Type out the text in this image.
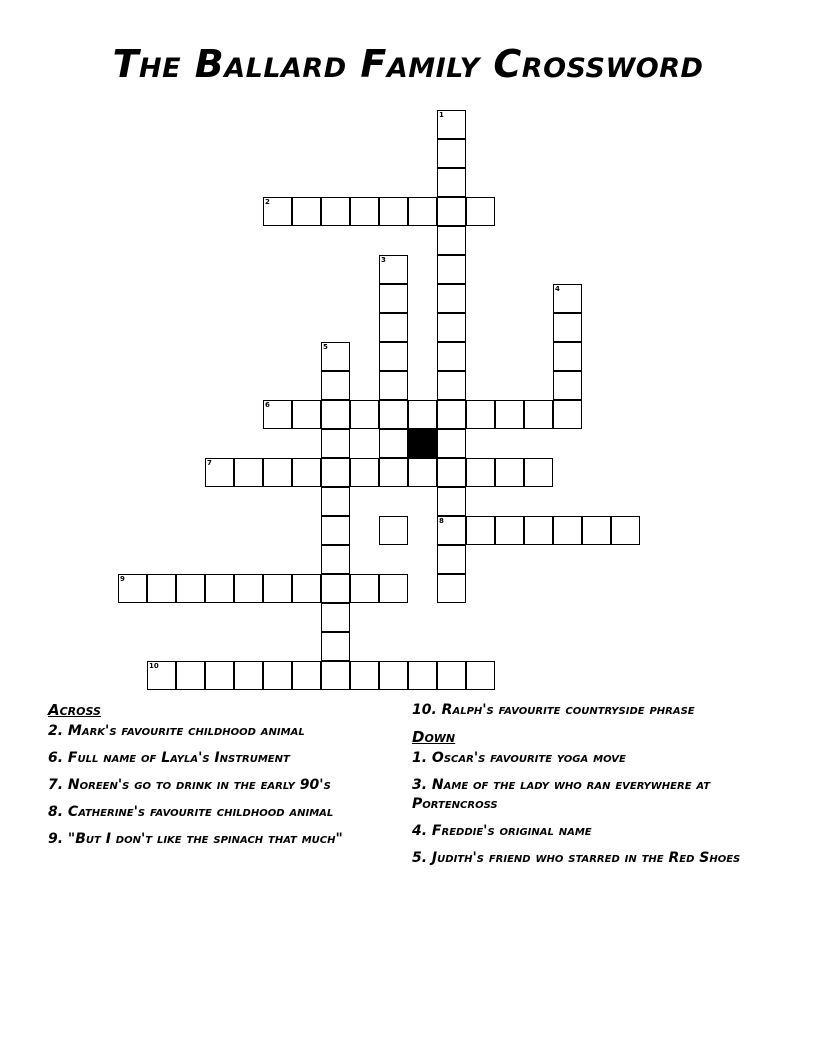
The Ballard Family Crossword
1
2
3
4
5
6
7
8
9
10
Across
2. Mark's favourite childhood animal
6. Full name of Layla's Instrument
7. Noreen's go to drink in the early 90's
8. Catherine's favourite childhood animal
9. "But I don't like the spinach that much"
10. Ralph's favourite countryside phrase
Down
1. Oscar's favourite yoga move
3. Name of the lady who ran everywhere at Portencross
4. Freddie's original name
5. Judith's friend who starred in the Red Shoes
